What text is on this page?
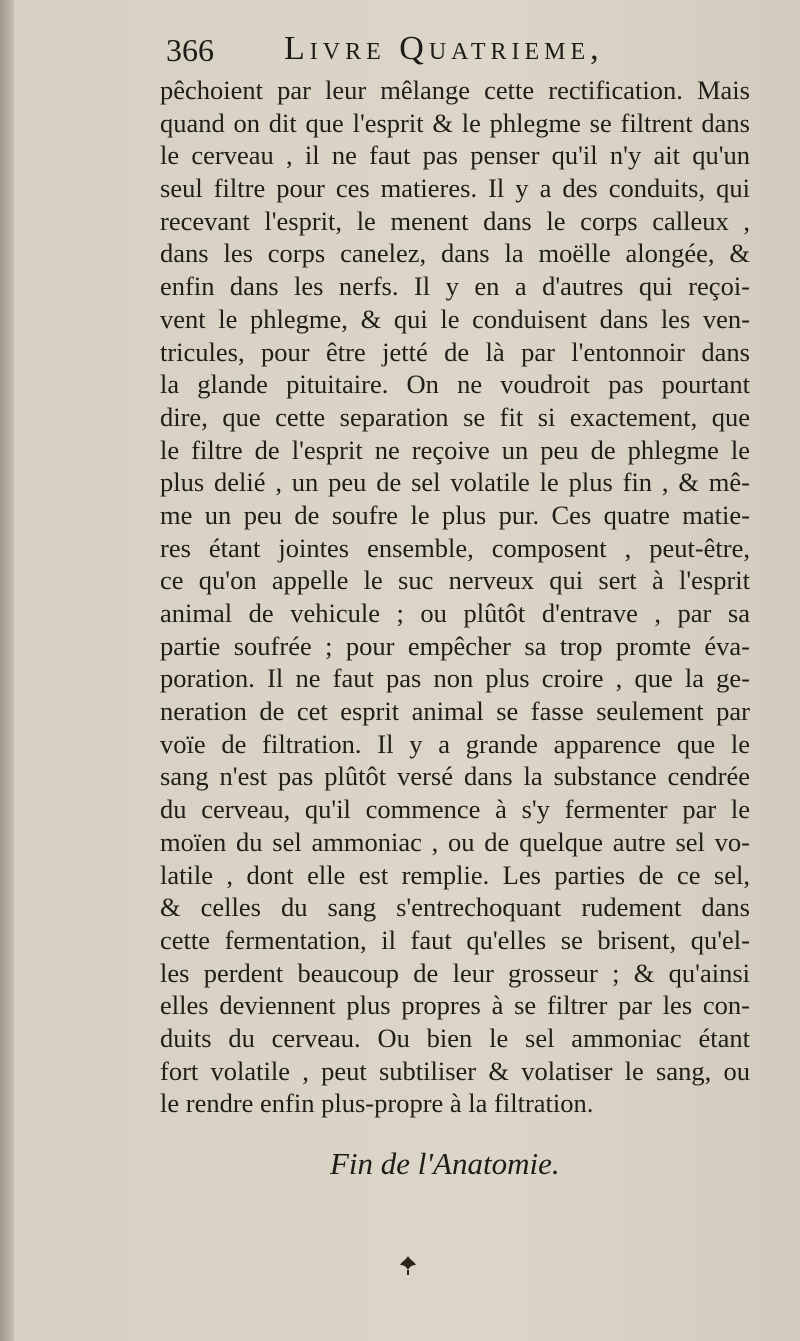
366 Livre Quatrieme,
pêchoient par leur mêlange cette rectification. Mais
quand on dit que l'esprit & le phlegme se filtrent dans
le cerveau , il ne faut pas penser qu'il n'y ait qu'un
seul filtre pour ces matieres. Il y a des conduits, qui
recevant l'esprit, le menent dans le corps calleux ,
dans les corps canelez, dans la moëlle alongée, &
enfin dans les nerfs. Il y en a d'autres qui reçoi-
vent le phlegme, & qui le conduisent dans les ven-
tricules, pour être jetté de là par l'entonnoir dans
la glande pituitaire. On ne voudroit pas pourtant
dire, que cette separation se fit si exactement, que
le filtre de l'esprit ne reçoive un peu de phlegme le
plus delié , un peu de sel volatile le plus fin , & mê-
me un peu de soufre le plus pur. Ces quatre matie-
res étant jointes ensemble, composent , peut-être,
ce qu'on appelle le suc nerveux qui sert à l'esprit
animal de vehicule ; ou plûtôt d'entrave , par sa
partie soufrée ; pour empêcher sa trop promte éva-
poration. Il ne faut pas non plus croire , que la ge-
neration de cet esprit animal se fasse seulement par
voïe de filtration. Il y a grande apparence que le
sang n'est pas plûtôt versé dans la substance cendrée
du cerveau, qu'il commence à s'y fermenter par le
moïen du sel ammoniac , ou de quelque autre sel vo-
latile , dont elle est remplie. Les parties de ce sel,
& celles du sang s'entrechoquant rudement dans
cette fermentation, il faut qu'elles se brisent, qu'el-
les perdent beaucoup de leur grosseur ; & qu'ainsi
elles deviennent plus propres à se filtrer par les con-
duits du cerveau. Ou bien le sel ammoniac étant
fort volatile , peut subtiliser & volatiser le sang, ou
le rendre enfin plus-propre à la filtration.
Fin de l'Anatomie.
